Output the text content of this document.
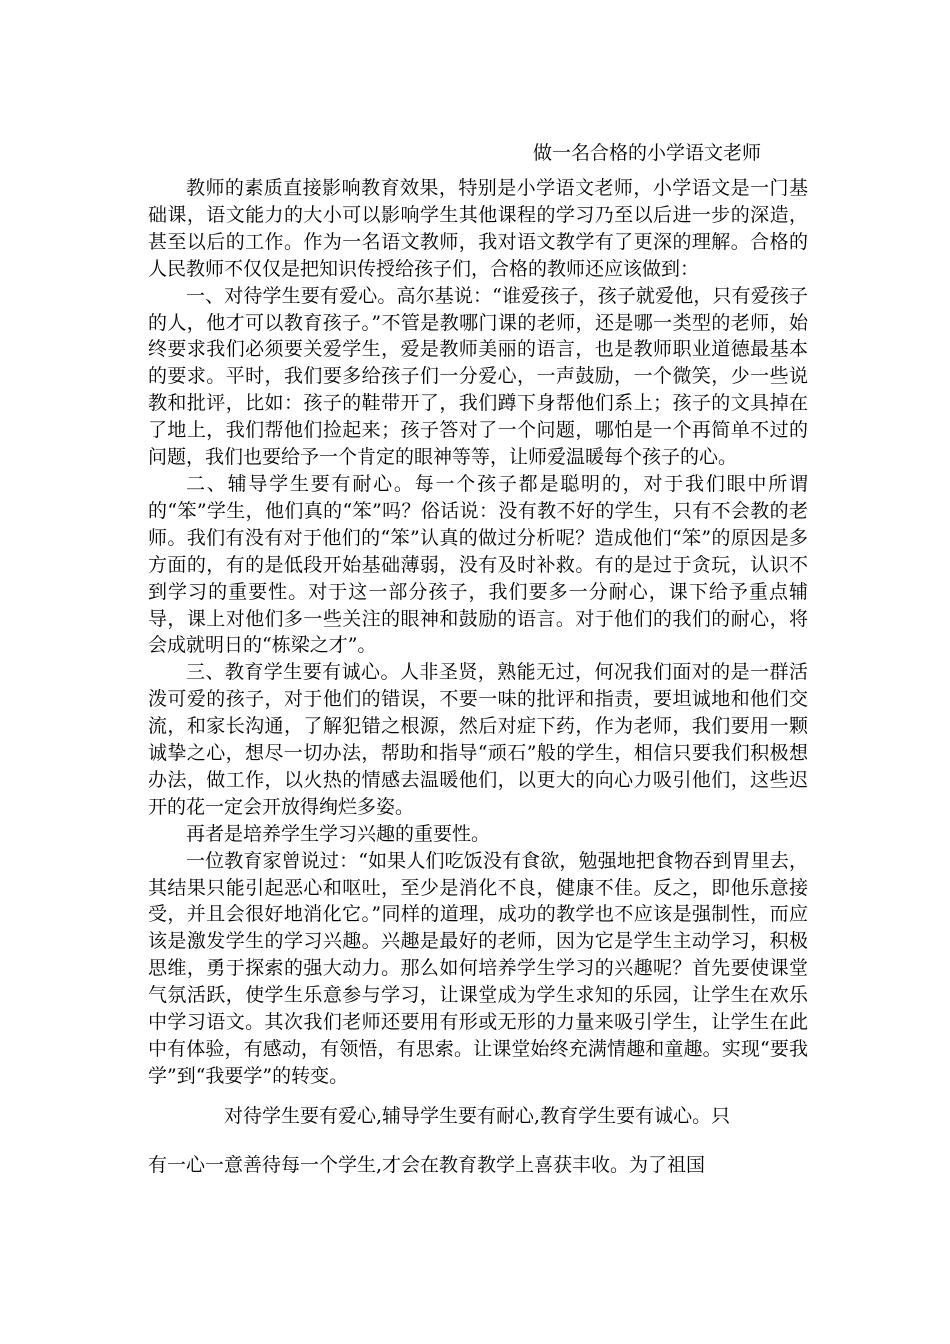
做一名合格的小学语文老师

教师的素质直接影响教育效果，特别是小学语文老师，小学语文是一门基础课，语文能力的大小可以影响学生其他课程的学习乃至以后进一步的深造，甚至以后的工作。作为一名语文教师，我对语文教学有了更深的理解。合格的人民教师不仅仅是把知识传授给孩子们，合格的教师还应该做到：

一、对待学生要有爱心。高尔基说：“谁爱孩子，孩子就爱他，只有爱孩子的人，他才可以教育孩子。”不管是教哪门课的老师，还是哪一类型的老师，始终要求我们必须要关爱学生，爱是教师美丽的语言，也是教师职业道德最基本的要求。平时，我们要多给孩子们一分爱心，一声鼓励，一个微笑，少一些说教和批评，比如：孩子的鞋带开了，我们蹲下身帮他们系上；孩子的文具掉在了地上，我们帮他们捡起来；孩子答对了一个问题，哪怕是一个再简单不过的问题，我们也要给予一个肯定的眼神等等，让师爱温暖每个孩子的心。

二、辅导学生要有耐心。每一个孩子都是聪明的，对于我们眼中所谓的“笨”学生，他们真的“笨”吗？俗话说：没有教不好的学生，只有不会教的老师。我们有没有对于他们的“笨”认真的做过分析呢？造成他们“笨”的原因是多方面的，有的是低段开始基础薄弱，没有及时补救。有的是过于贪玩，认识不到学习的重要性。对于这一部分孩子，我们要多一分耐心，课下给予重点辅导，课上对他们多一些关注的眼神和鼓励的语言。对于他们的我们的耐心，将会成就明日的“栋梁之才”。

三、教育学生要有诚心。人非圣贤，熟能无过，何况我们面对的是一群活泼可爱的孩子，对于他们的错误，不要一味的批评和指责，要坦诚地和他们交流，和家长沟通，了解犯错之根源，然后对症下药，作为老师，我们要用一颗诚挚之心，想尽一切办法，帮助和指导“顽石”般的学生，相信只要我们积极想办法，做工作，以火热的情感去温暖他们，以更大的向心力吸引他们，这些迟开的花一定会开放得绚烂多姿。

再者是培养学生学习兴趣的重要性。

一位教育家曾说过：“如果人们吃饭没有食欲，勉强地把食物吞到胃里去，其结果只能引起恶心和呕吐，至少是消化不良，健康不佳。反之，即他乐意接受，并且会很好地消化它。”同样的道理，成功的教学也不应该是强制性，而应该是激发学生的学习兴趣。兴趣是最好的老师，因为它是学生主动学习，积极思维，勇于探索的强大动力。那么如何培养学生学习的兴趣呢？首先要使课堂气氛活跃，使学生乐意参与学习，让课堂成为学生求知的乐园，让学生在欢乐中学习语文。其次我们老师还要用有形或无形的力量来吸引学生，让学生在此中有体验，有感动，有领悟，有思索。让课堂始终充满情趣和童趣。实现“要我学”到“我要学”的转变。

对待学生要有爱心,辅导学生要有耐心,教育学生要有诚心。只
有一心一意善待每一个学生,才会在教育教学上喜获丰收。为了祖国
